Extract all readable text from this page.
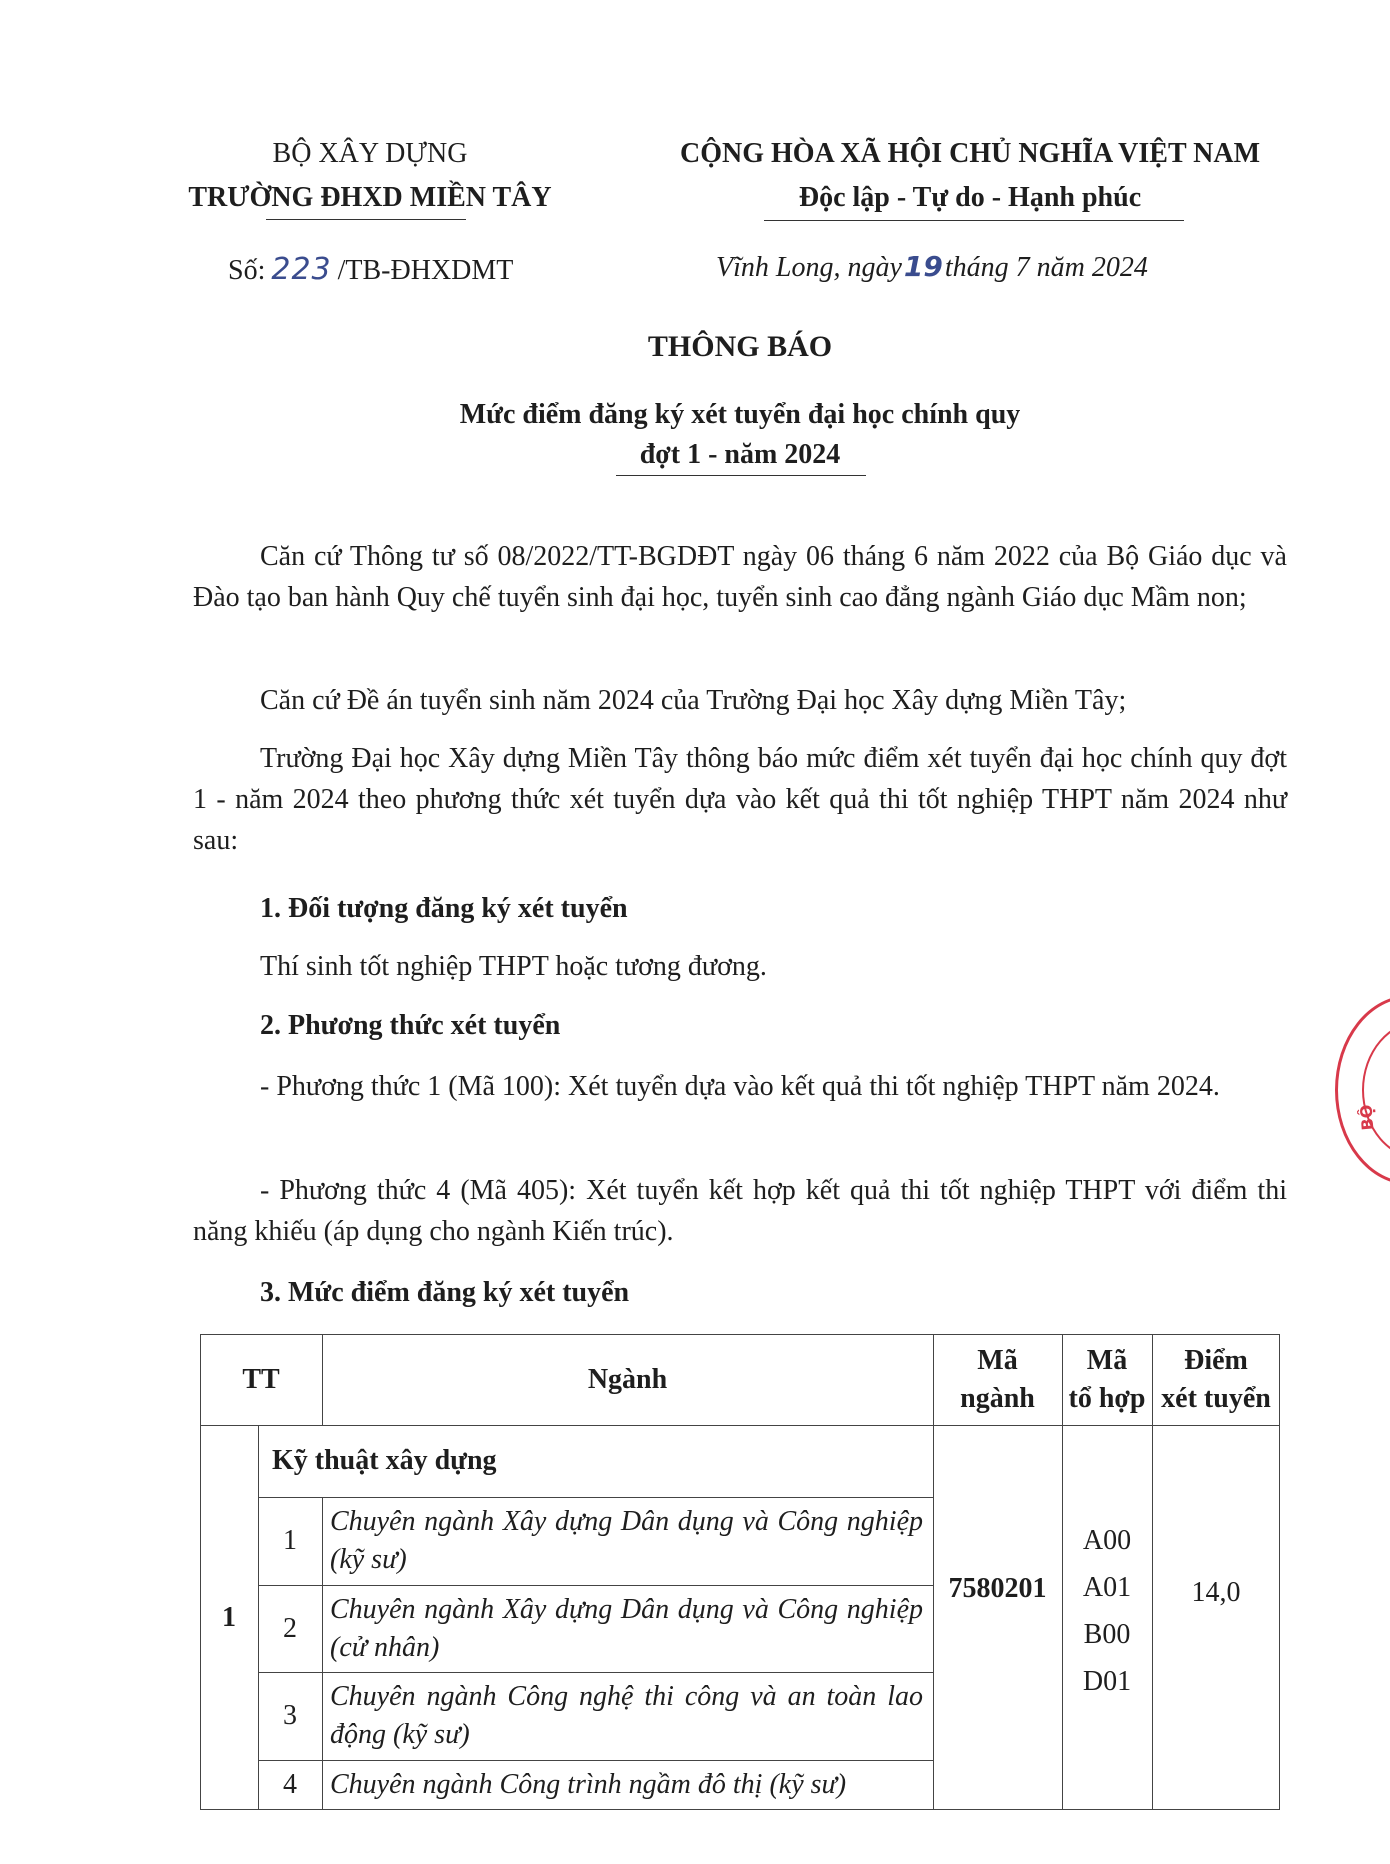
BỘ XÂY DỰNG
TRƯỜNG ĐHXD MIỀN TÂY
Số: 223 /TB-ĐHXDMT
CỘNG HÒA XÃ HỘI CHỦ NGHĨA VIỆT NAM
Độc lập - Tự do - Hạnh phúc
Vĩnh Long, ngày19tháng 7 năm 2024
THÔNG BÁO
Mức điểm đăng ký xét tuyển đại học chính quy
đợt 1 - năm 2024
Căn cứ Thông tư số 08/2022/TT-BGDĐT ngày 06 tháng 6 năm 2022 của Bộ Giáo dục và Đào tạo ban hành Quy chế tuyển sinh đại học, tuyển sinh cao đẳng ngành Giáo dục Mầm non;
Căn cứ Đề án tuyển sinh năm 2024 của Trường Đại học Xây dựng Miền Tây;
Trường Đại học Xây dựng Miền Tây thông báo mức điểm xét tuyển đại học chính quy đợt 1 - năm 2024 theo phương thức xét tuyển dựa vào kết quả thi tốt nghiệp THPT năm 2024 như sau:
1. Đối tượng đăng ký xét tuyển
Thí sinh tốt nghiệp THPT hoặc tương đương.
2. Phương thức xét tuyển
- Phương thức 1 (Mã 100): Xét tuyển dựa vào kết quả thi tốt nghiệp THPT năm 2024.
- Phương thức 4 (Mã 405): Xét tuyển kết hợp kết quả thi tốt nghiệp THPT với điểm thi năng khiếu (áp dụng cho ngành Kiến trúc).
3. Mức điểm đăng ký xét tuyển
TT	Ngành
Mã
ngành
Mã
tổ hợp
Điểm
xét tuyển
1
Kỹ thuật xây dựng
7580201
A00
A01
B00
D01
14,0
1
Chuyên ngành Xây dựng Dân dụng và Công nghiệp (kỹ sư)
2
Chuyên ngành Xây dựng Dân dụng và Công nghiệp (cử nhân)
3
Chuyên ngành Công nghệ thi công và an toàn lao động (kỹ sư)
4	Chuyên ngành Công trình ngầm đô thị (kỹ sư)
BỘ
